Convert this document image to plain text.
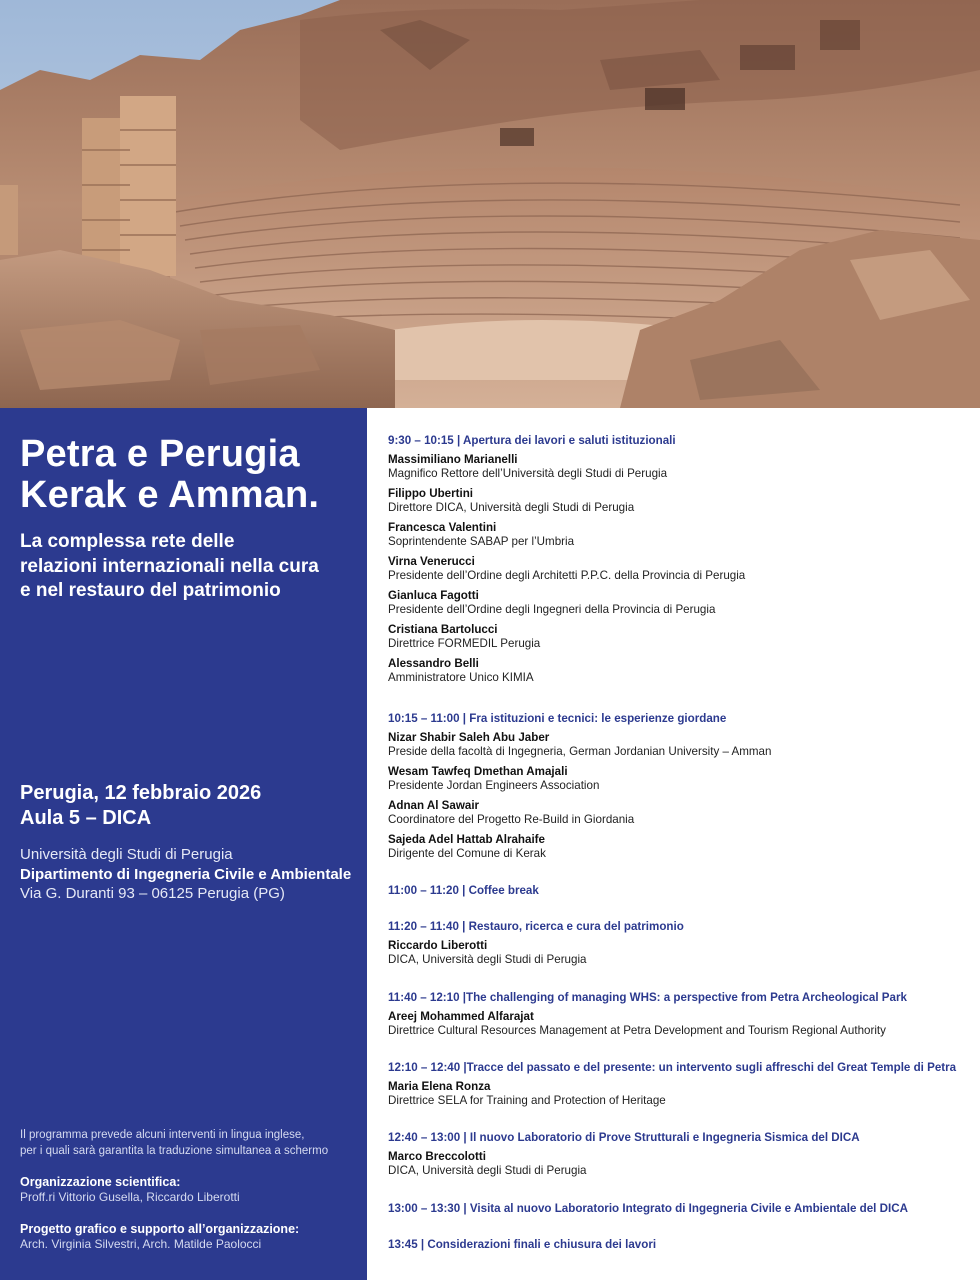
Petra e Perugia
Kerak e Amman.
La complessa rete delle
relazioni internazionali nella cura
e nel restauro del patrimonio
Perugia, 12 febbraio 2026
Aula 5 – DICA
Università degli Studi di Perugia
Dipartimento di Ingegneria Civile e Ambientale
Via G. Duranti 93 – 06125 Perugia (PG)
Il programma prevede alcuni interventi in lingua inglese,
per i quali sarà garantita la traduzione simultanea a schermo
Organizzazione scientifica:
Proff.ri Vittorio Gusella, Riccardo Liberotti
Progetto grafico e supporto all’organizzazione:
Arch. Virginia Silvestri, Arch. Matilde Paolocci
9:30 – 10:15 | Apertura dei lavori e saluti istituzionali
Massimiliano Marianelli
Magnifico Rettore dell’Università degli Studi di Perugia
Filippo Ubertini
Direttore DICA, Università degli Studi di Perugia
Francesca Valentini
Soprintendente SABAP per l’Umbria
Virna Venerucci
Presidente dell’Ordine degli Architetti P.P.C. della Provincia di Perugia
Gianluca Fagotti
Presidente dell’Ordine degli Ingegneri della Provincia di Perugia
Cristiana Bartolucci
Direttrice FORMEDIL Perugia
Alessandro Belli
Amministratore Unico KIMIA
10:15 – 11:00 | Fra istituzioni e tecnici: le esperienze giordane
Nizar Shabir Saleh Abu Jaber
Preside della facoltà di Ingegneria, German Jordanian University – Amman
Wesam Tawfeq Dmethan Amajali
Presidente Jordan Engineers Association
Adnan Al Sawair
Coordinatore del Progetto Re-Build in Giordania
Sajeda Adel Hattab Alrahaife
Dirigente del Comune di Kerak
11:00 – 11:20 | Coffee break
11:20 – 11:40 | Restauro, ricerca e cura del patrimonio
Riccardo Liberotti
DICA, Università degli Studi di Perugia
11:40 – 12:10 |The challenging of managing WHS: a perspective from Petra Archeological Park
Areej Mohammed Alfarajat
Direttrice Cultural Resources Management at Petra Development and Tourism Regional Authority
12:10 – 12:40 |Tracce del passato e del presente: un intervento sugli affreschi del Great Temple di Petra
Maria Elena Ronza
Direttrice SELA for Training and Protection of Heritage
12:40 – 13:00 | Il nuovo Laboratorio di Prove Strutturali e Ingegneria Sismica del DICA
Marco Breccolotti
DICA, Università degli Studi di Perugia
13:00 – 13:30 | Visita al nuovo Laboratorio Integrato di Ingegneria Civile e Ambientale del DICA
13:45 | Considerazioni finali e chiusura dei lavori
